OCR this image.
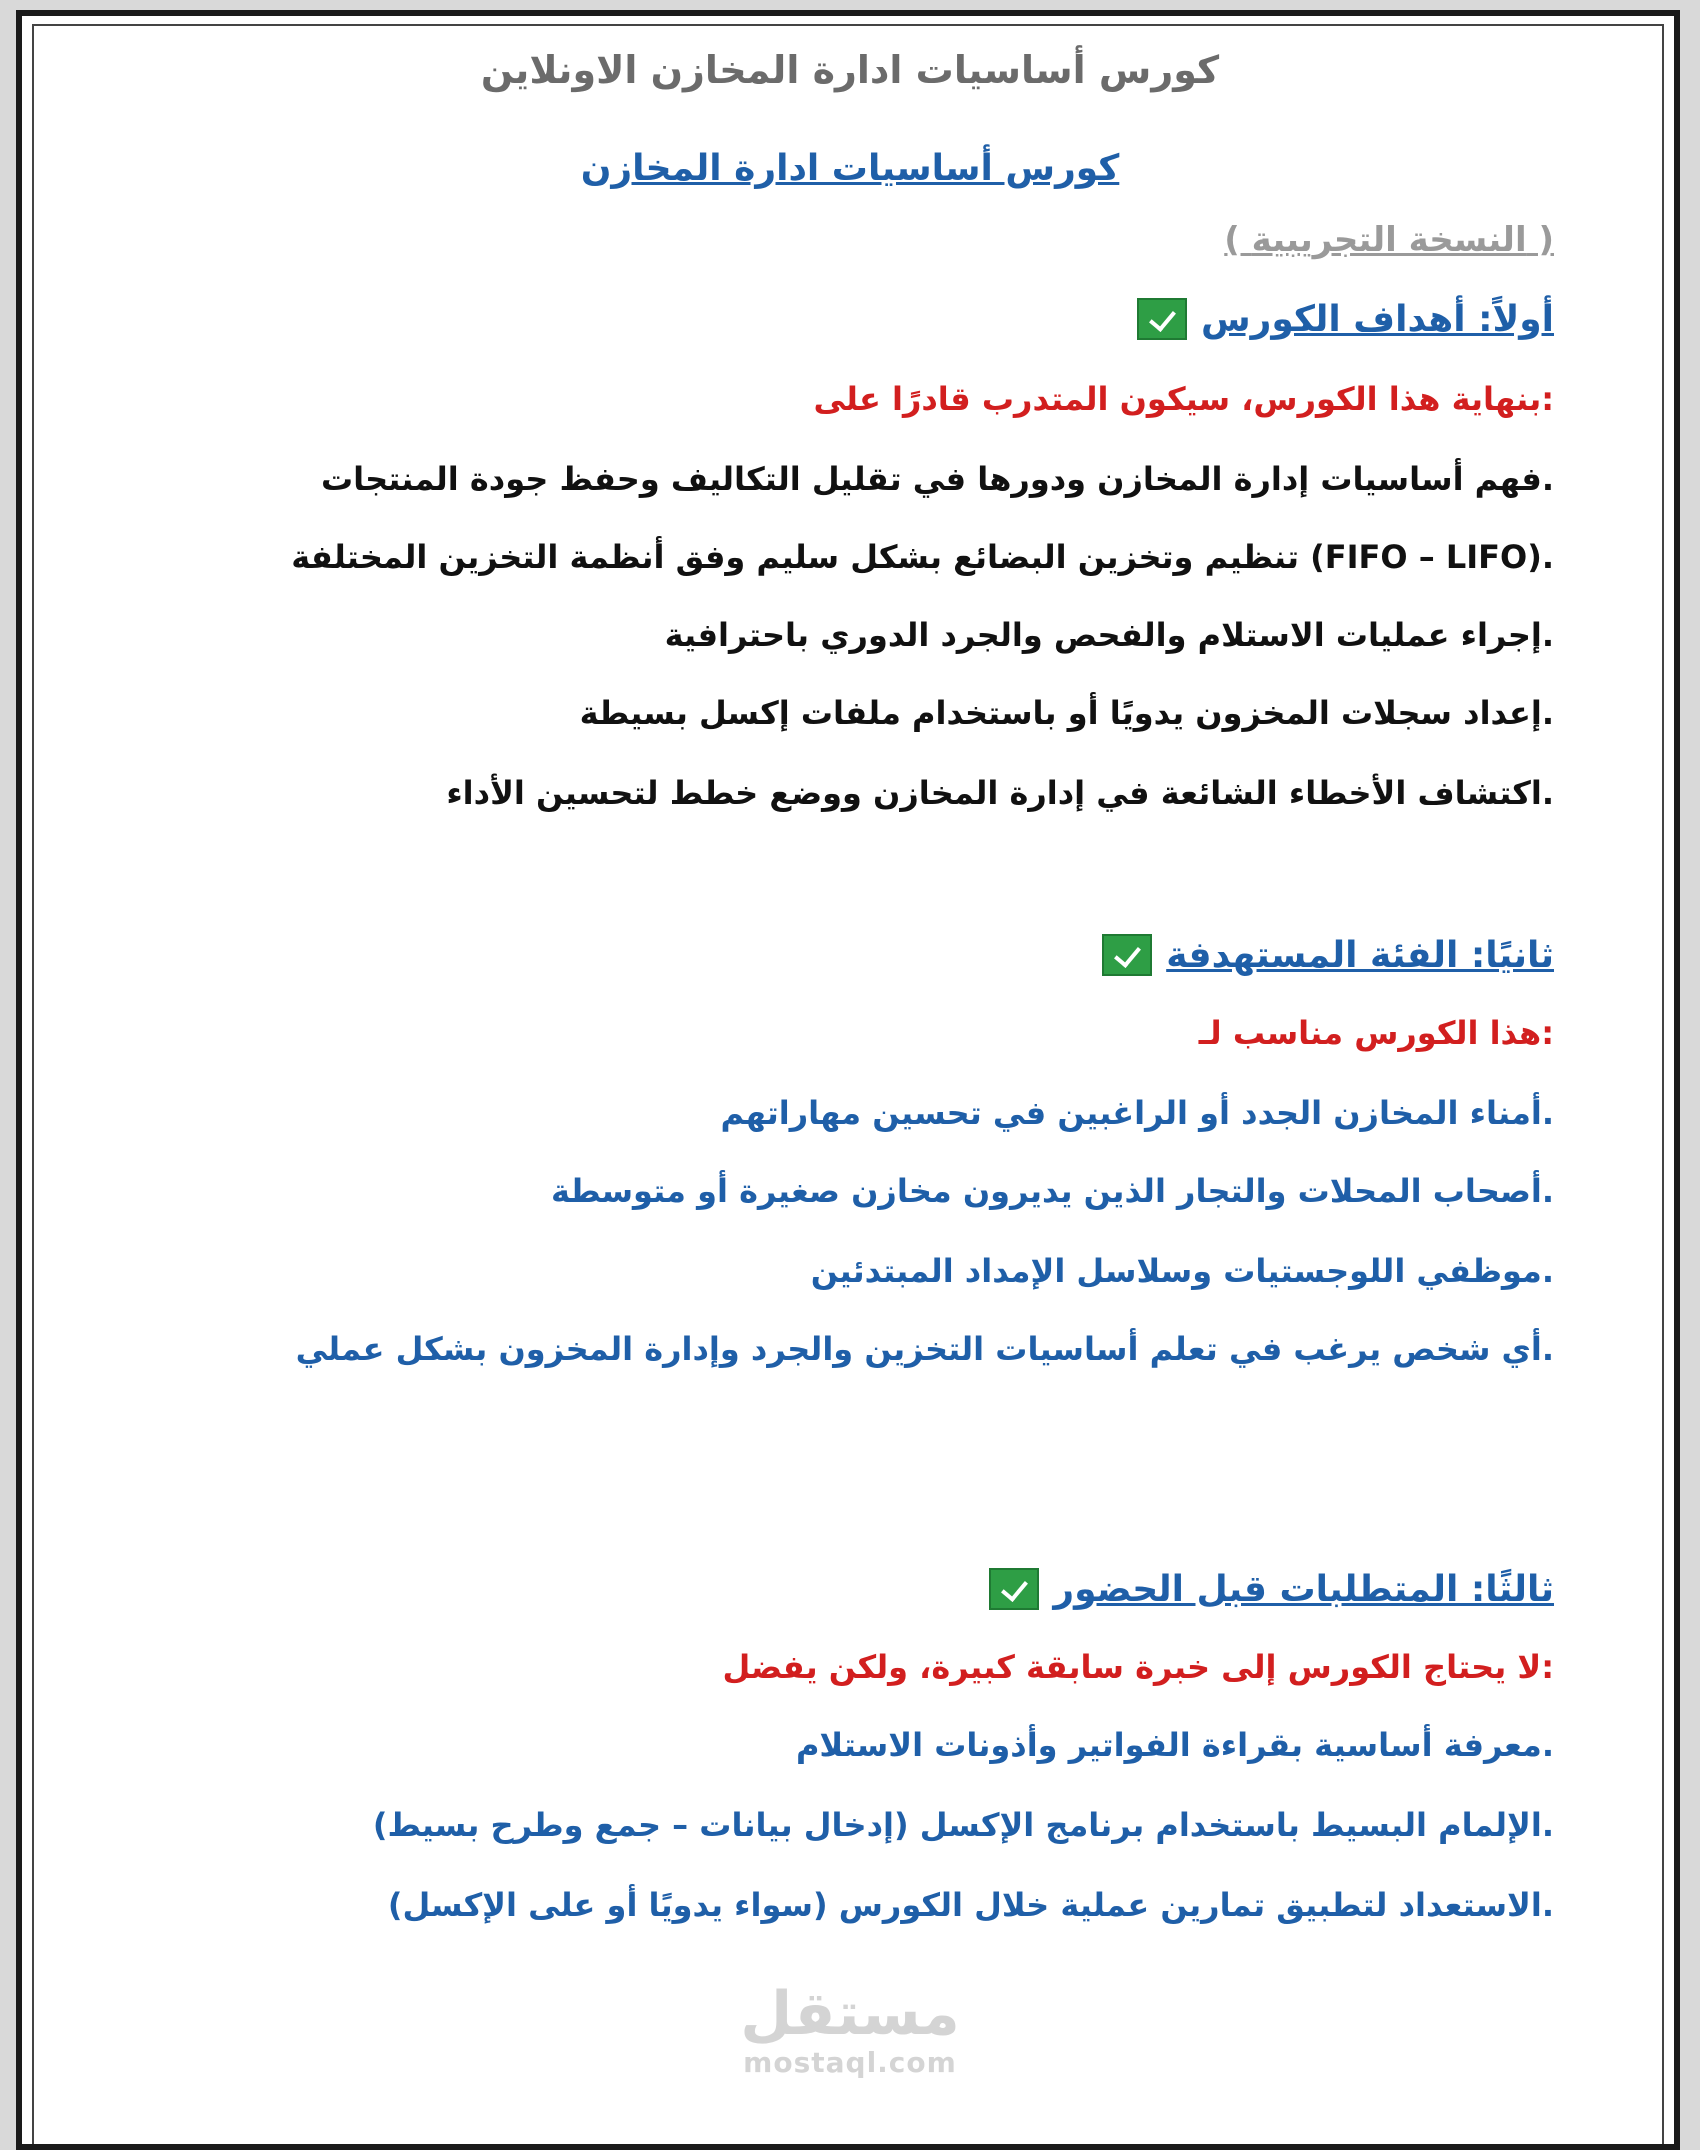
كورس أساسيات ادارة المخازن الاونلاين
كورس أساسيات ادارة المخازن
( النسخة التجريبية )
أولاً: أهداف الكورس
:بنهاية هذا الكورس، سيكون المتدرب قادرًا على
.فهم أساسيات إدارة المخازن ودورها في تقليل التكاليف وحفظ جودة المنتجات
.(FIFO – LIFO) تنظيم وتخزين البضائع بشكل سليم وفق أنظمة التخزين المختلفة
.إجراء عمليات الاستلام والفحص والجرد الدوري باحترافية
.إعداد سجلات المخزون يدويًا أو باستخدام ملفات إكسل بسيطة
.اكتشاف الأخطاء الشائعة في إدارة المخازن ووضع خطط لتحسين الأداء
ثانيًا: الفئة المستهدفة
:هذا الكورس مناسب لـ
.أمناء المخازن الجدد أو الراغبين في تحسين مهاراتهم
.أصحاب المحلات والتجار الذين يديرون مخازن صغيرة أو متوسطة
.موظفي اللوجستيات وسلاسل الإمداد المبتدئين
.أي شخص يرغب في تعلم أساسيات التخزين والجرد وإدارة المخزون بشكل عملي
ثالثًا: المتطلبات قبل الحضور
:لا يحتاج الكورس إلى خبرة سابقة كبيرة، ولكن يفضل
.معرفة أساسية بقراءة الفواتير وأذونات الاستلام
.الإلمام البسيط باستخدام برنامج الإكسل (إدخال بيانات – جمع وطرح بسيط)
.الاستعداد لتطبيق تمارين عملية خلال الكورس (سواء يدويًا أو على الإكسل)
مستقل
mostaql.com
